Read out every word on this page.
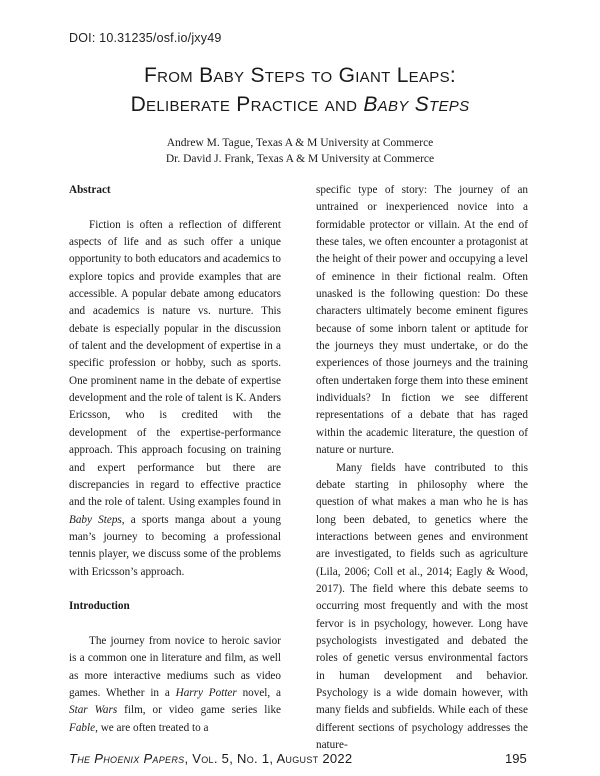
DOI: 10.31235/osf.io/jxy49
From Baby Steps to Giant Leaps:
Deliberate Practice and Baby Steps
Andrew M. Tague, Texas A & M University at Commerce
Dr. David J. Frank, Texas A & M University at Commerce

Abstract

Fiction is often a reflection of different aspects of life and as such offer a unique opportunity to both educators and academics to explore topics and provide examples that are accessible. A popular debate among educators and academics is nature vs. nurture. This debate is especially popular in the discussion of talent and the development of expertise in a specific profession or hobby, such as sports. One prominent name in the debate of expertise development and the role of talent is K. Anders Ericsson, who is credited with the development of the expertise-performance approach. This approach focusing on training and expert performance but there are discrepancies in regard to effective practice and the role of talent. Using examples found in Baby Steps, a sports manga about a young man’s journey to becoming a professional tennis player, we discuss some of the problems with Ericsson’s approach.

Introduction

The journey from novice to heroic savior is a common one in literature and film, as well as more interactive mediums such as video games. Whether in a Harry Potter novel, a Star Wars film, or video game series like Fable, we are often treated to a

specific type of story: The journey of an untrained or inexperienced novice into a formidable protector or villain. At the end of these tales, we often encounter a protagonist at the height of their power and occupying a level of eminence in their fictional realm. Often unasked is the following question: Do these characters ultimately become eminent figures because of some inborn talent or aptitude for the journeys they must undertake, or do the experiences of those journeys and the training often undertaken forge them into these eminent individuals? In fiction we see different representations of a debate that has raged within the academic literature, the question of nature or nurture.

Many fields have contributed to this debate starting in philosophy where the question of what makes a man who he is has long been debated, to genetics where the interactions between genes and environment are investigated, to fields such as agriculture (Lila, 2006; Coll et al., 2014; Eagly & Wood, 2017). The field where this debate seems to occurring most frequently and with the most fervor is in psychology, however. Long have psychologists investigated and debated the roles of genetic versus environmental factors in human development and behavior. Psychology is a wide domain however, with many fields and subfields. While each of these different sections of psychology addresses the nature-

The Phoenix Papers, Vol. 5, No. 1, August 2022	195
